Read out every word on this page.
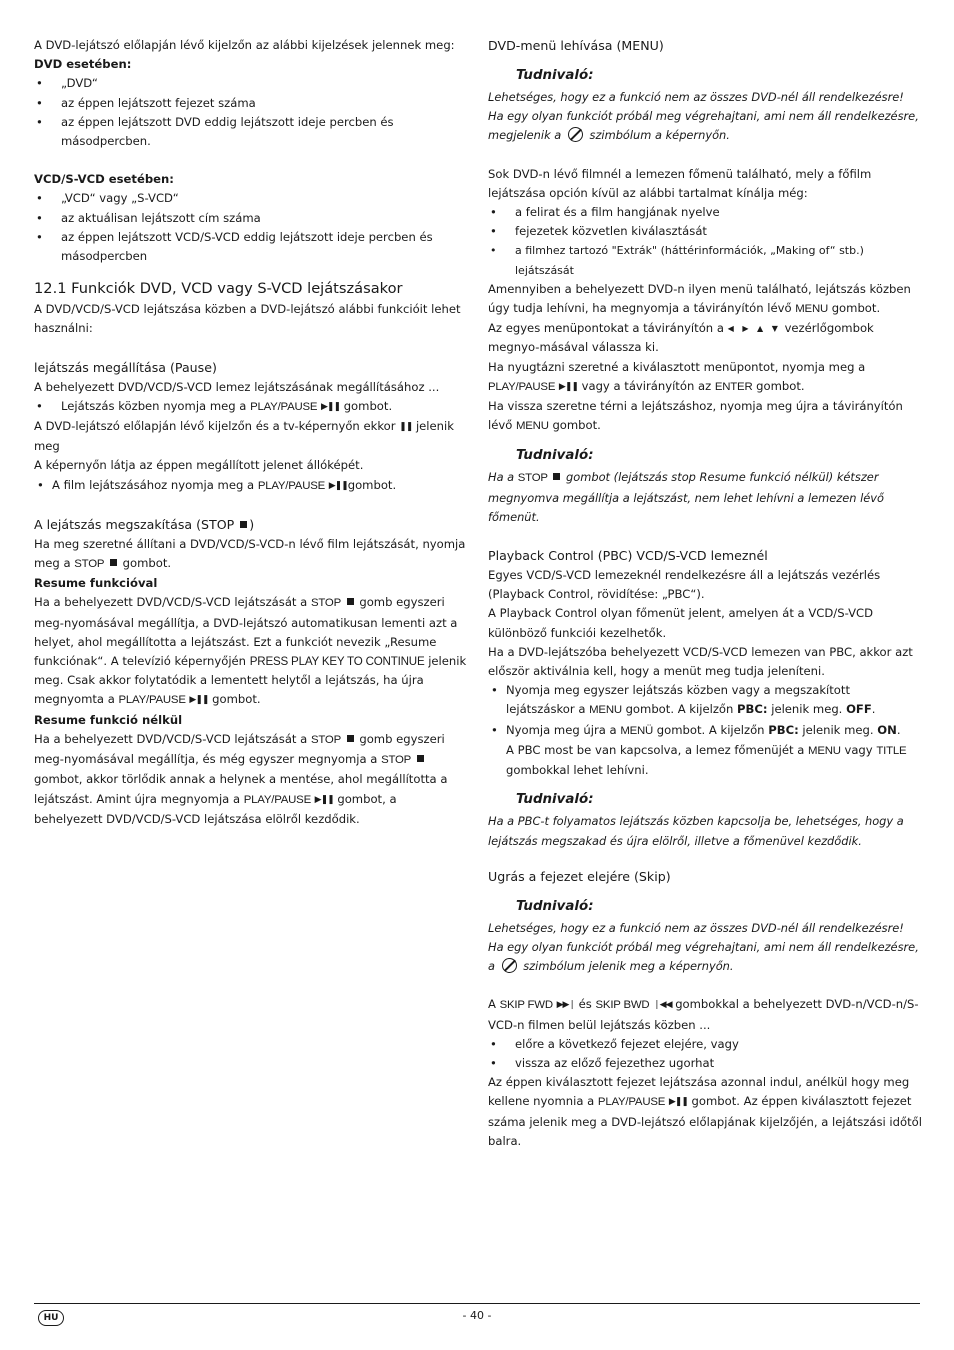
A DVD-lejátszó előlapján lévő kijelzőn az alábbi kijelzések jelennek meg:

DVD esetében:

• „DVD“
• az éppen lejátszott fejezet száma
• az éppen lejátszott DVD eddig lejátszott ideje percben és másodpercben.

VCD/S-VCD esetében:

• „VCD“ vagy „S-VCD“
• az aktuálisan lejátszott cím száma
• az éppen lejátszott VCD/S-VCD eddig lejátszott ideje percben és másodpercben

12.1 Funkciók DVD, VCD vagy S-VCD lejátszásakor

A DVD/VCD/S-VCD lejátszása közben a DVD-lejátszó alábbi funkcióit lehet használni:

lejátszás megállítása (Pause)

A behelyezett DVD/VCD/S-VCD lemez lejátszásának megállításához ...

• Lejátszás közben nyomja meg a PLAY/PAUSE ▶❚❚ gombot.

A DVD-lejátszó előlapján lévő kijelzőn és a tv-képernyőn ekkor ❚❚ jelenik meg

A képernyőn látja az éppen megállított jelenet állóképét.

• A film lejátszásához nyomja meg a PLAY/PAUSE ▶❚❚gombot.

A lejátszás megszakítása (STOP )

Ha meg szeretné állítani a DVD/VCD/S-VCD-n lévő film lejátszását, nyomja meg a STOP gombot.

Resume funkcióval

Ha a behelyezett DVD/VCD/S-VCD lejátszását a STOP gomb egyszeri meg-nyomásával megállítja, a DVD-lejátszó automatikusan lementi azt a helyet, ahol megállította a lejátszást. Ezt a funkciót nevezik „Resume funkciónak“. A televízió képernyőjén PRESS PLAY KEY TO CONTINUE jelenik meg. Csak akkor folytatódik a lementett helytől a lejátszás, ha újra megnyomta a PLAY/PAUSE ▶❚❚ gombot.

Resume funkció nélkül

Ha a behelyezett DVD/VCD/S-VCD lejátszását a STOP gomb egyszeri meg-nyomásával megállítja, és még egyszer megnyomja a STOP  gombot, akkor törlődik annak a helynek a mentése, ahol megállította a lejátszást. Amint újra megnyomja a PLAY/PAUSE ▶❚❚ gombot, a behelyezett DVD/VCD/S-VCD lejátszása elölről kezdődik.

DVD-menü lehívása (MENU)

Tudnivaló:

Lehetséges, hogy ez a funkció nem az összes DVD-nél áll rendelkezésre! Ha egy olyan funkciót próbál meg végrehajtani, ami nem áll rendelkezésre, megjelenik a szimbólum a képernyőn.

Sok DVD-n lévő filmnél a lemezen főmenü található, mely a főfilm lejátszása opción kívül az alábbi tartalmat kínálja még:

• a felirat és a film hangjának nyelve
• fejezetek közvetlen kiválasztását
• a filmhez tartozó "Extrák" (háttérinformációk, „Making of“ stb.) lejátszását

Amennyiben a behelyezett DVD-n ilyen menü található, lejátszás közben úgy tudja lehívni, ha megnyomja a távirányítón lévő MENU gombot.

Az egyes menüpontokat a távirányítón a ◀ ▶ ▲ ▼ vezérlőgombok megnyo-másával válassza ki.

Ha nyugtázni szeretné a kiválasztott menüpontot, nyomja meg a PLAY/PAUSE ▶❚❚ vagy a távirányítón az ENTER gombot.

Ha vissza szeretne térni a lejátszáshoz, nyomja meg újra a távirányítón lévő MENU gombot.

Tudnivaló:

Ha a STOP gombot (lejátszás stop Resume funkció nélkül) kétszer megnyomva megállítja a lejátszást, nem lehet lehívni a lemezen lévő főmenüt.

Playback Control (PBC) VCD/S-VCD lemeznél

Egyes VCD/S-VCD lemezeknél rendelkezésre áll a lejátszás vezérlés (Playback Control, rövidítése: „PBC“).

A Playback Control olyan főmenüt jelent, amelyen át a VCD/S-VCD különböző funkciói kezelhetők.

Ha a DVD-lejátszóba behelyezett VCD/S-VCD lemezen van PBC, akkor azt először aktiválnia kell, hogy a menüt meg tudja jeleníteni.

• Nyomja meg egyszer lejátszás közben vagy a megszakított lejátszáskor a MENU gombot. A kijelzőn PBC: jelenik meg. OFF.
• Nyomja meg újra a MENÜ gombot. A kijelzőn PBC: jelenik meg. ON.
A PBC most be van kapcsolva, a lemez főmenüjét a MENU vagy TITLE gombokkal lehet lehívni.

Tudnivaló:

Ha a PBC-t folyamatos lejátszás közben kapcsolja be, lehetséges, hogy a lejátszás megszakad és újra elölről, illetve a főmenüvel kezdődik.

Ugrás a fejezet elejére (Skip)

Tudnivaló:

Lehetséges, hogy ez a funkció nem az összes DVD-nél áll rendelkezésre! Ha egy olyan funkciót próbál meg végrehajtani, ami nem áll rendelkezésre, a szimbólum jelenik meg a képernyőn.

A SKIP FWD ▶▶❘ és SKIP BWD ❘◀◀ gombokkal a behelyezett DVD-n/VCD-n/S-VCD-n filmen belül lejátszás közben ...

• előre a következő fejezet elejére, vagy
• vissza az előző fejezethez ugorhat

Az éppen kiválasztott fejezet lejátszása azonnal indul, anélkül hogy meg kellene nyomnia a PLAY/PAUSE ▶❚❚ gombot. Az éppen kiválasztott fejezet száma jelenik meg a DVD-lejátszó előlapjának kijelzőjén, a lejátszási időtől balra.

HU	- 40 -
